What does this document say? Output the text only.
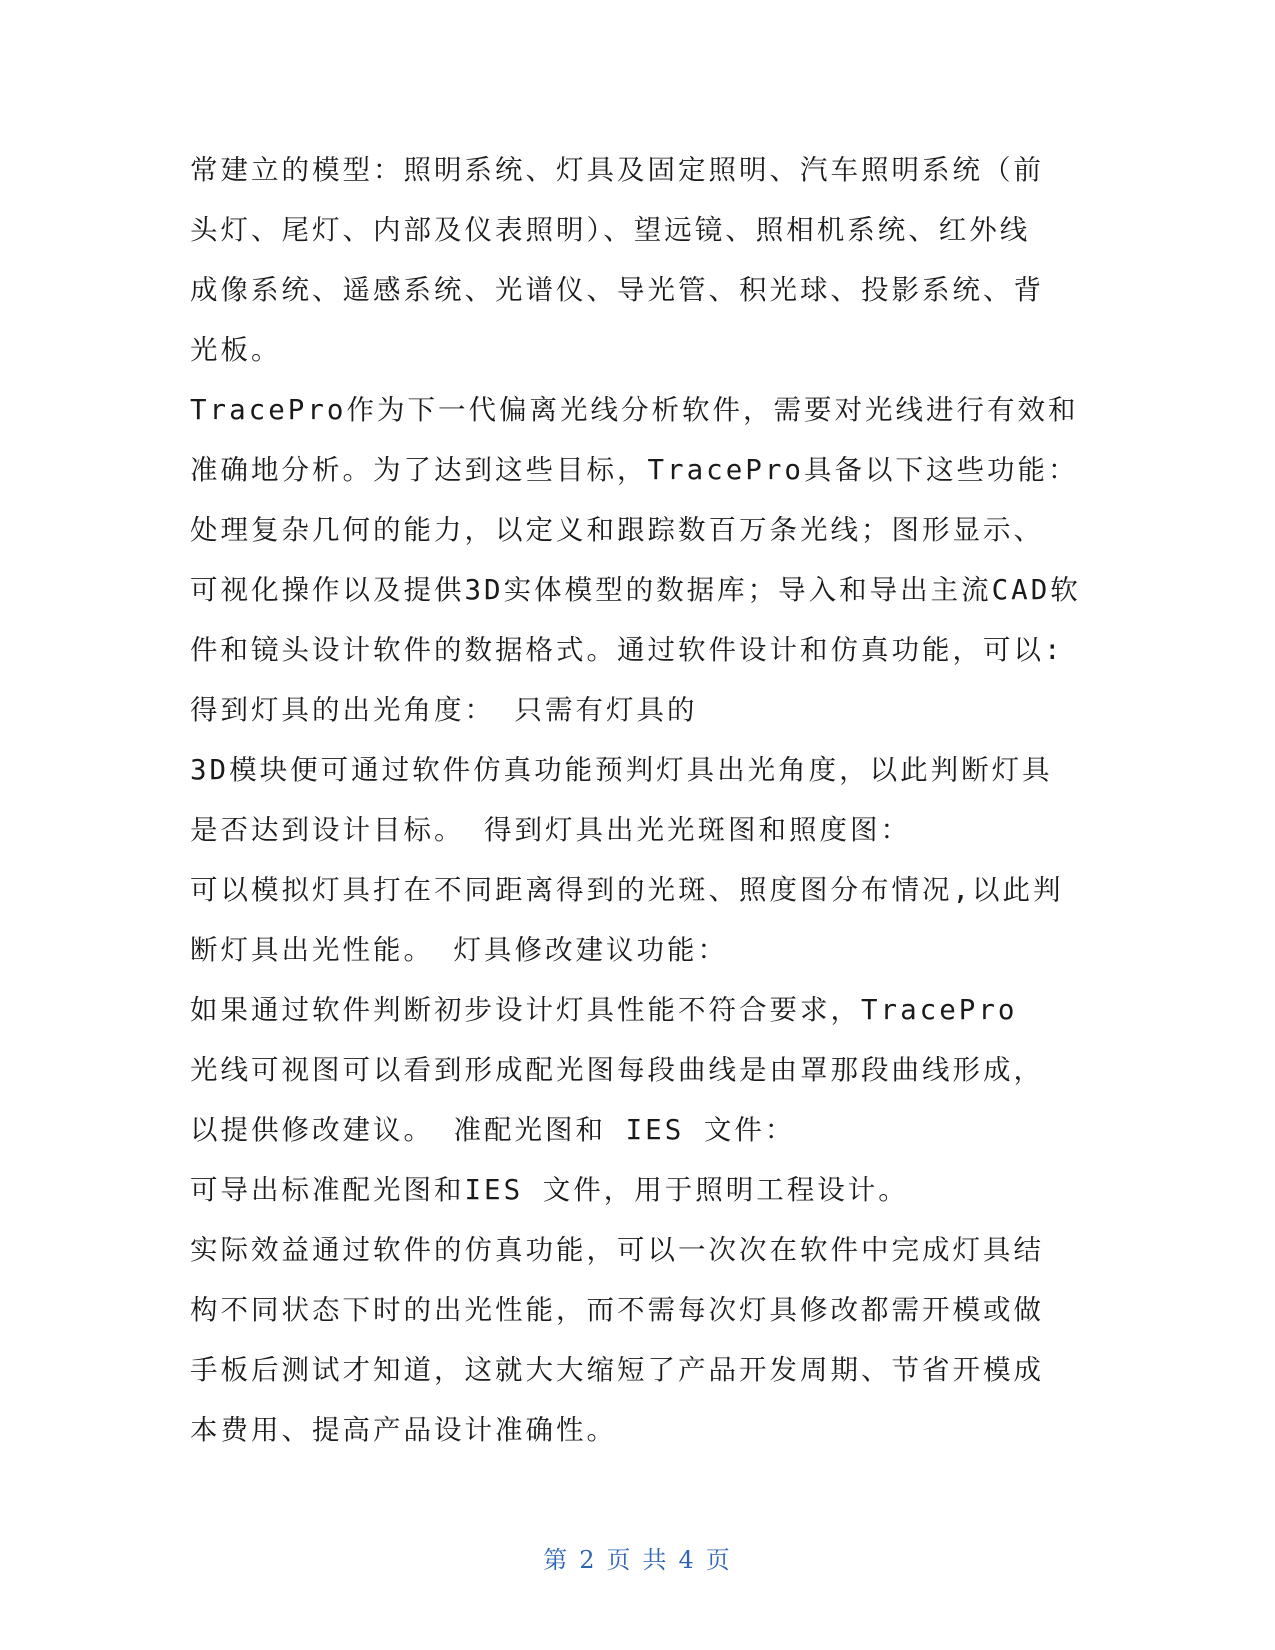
常建立的模型：照明系统、灯具及固定照明、汽车照明系统（前
头灯、尾灯、内部及仪表照明）、望远镜、照相机系统、红外线
成像系统、遥感系统、光谱仪、导光管、积光球、投影系统、背
光板。
TracePro作为下一代偏离光线分析软件，需要对光线进行有效和
准确地分析。为了达到这些目标，TracePro具备以下这些功能：
处理复杂几何的能力，以定义和跟踪数百万条光线；图形显示、
可视化操作以及提供3D实体模型的数据库；导入和导出主流CAD软
件和镜头设计软件的数据格式。通过软件设计和仿真功能，可以:
得到灯具的出光角度： 只需有灯具的
3D模块便可通过软件仿真功能预判灯具出光角度，以此判断灯具
是否达到设计目标。 得到灯具出光光斑图和照度图：
可以模拟灯具打在不同距离得到的光斑、照度图分布情况,以此判
断灯具出光性能。 灯具修改建议功能：
如果通过软件判断初步设计灯具性能不符合要求，TracePro
光线可视图可以看到形成配光图每段曲线是由罩那段曲线形成，
以提供修改建议。 准配光图和 IES 文件：
可导出标准配光图和IES 文件，用于照明工程设计。
实际效益通过软件的仿真功能，可以一次次在软件中完成灯具结
构不同状态下时的出光性能，而不需每次灯具修改都需开模或做
手板后测试才知道，这就大大缩短了产品开发周期、节省开模成
本费用、提高产品设计准确性。
第 2 页 共 4 页
